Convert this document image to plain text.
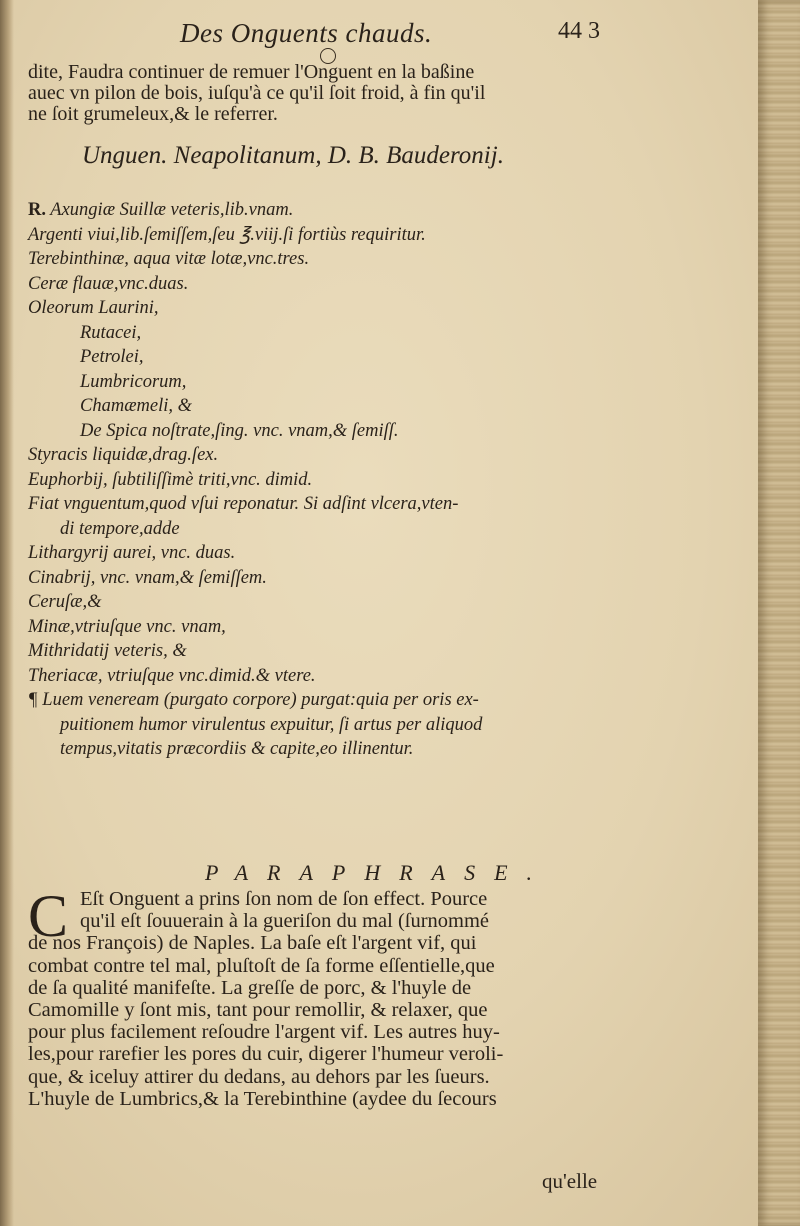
Des Onguents chauds.	44 3
dite, Faudra continuer de remuer l'Onguent en la baßine
auec vn pilon de bois, iuſqu'à ce qu'il ſoit froid, à fin qu'il
ne ſoit grumeleux,& le referrer.
Unguen. Neapolitanum, D. B. Bauderonij.
R. Axungiæ Suillæ veteris,lib.vnam.
Argenti viui,lib.ſemiſſem,ſeu ℥.viij.ſi fortiùs requiritur.
Terebinthinæ, aqua vitæ lotæ,vnc.tres.
Ceræ flauæ,vnc.duas.
Oleorum Laurini,
Rutacei,
Petrolei,
Lumbricorum,
Chamæmeli, &
De Spica noſtrate,ſing. vnc. vnam,& ſemiſſ.
Styracis liquidæ,drag.ſex.
Euphorbij, ſubtiliſſimè triti,vnc. dimid.
Fiat vnguentum,quod vſui reponatur. Si adſint vlcera,vten-
di tempore,adde
Lithargyrij aurei, vnc. duas.
Cinabrij, vnc. vnam,& ſemiſſem.
Ceruſæ,&
Minæ,vtriuſque vnc. vnam,
Mithridatij veteris, &
Theriacæ, vtriuſque vnc.dimid.& vtere.
¶ Luem veneream (purgato corpore) purgat:quia per oris ex-
puitionem humor virulentus expuitur, ſi artus per aliquod
tempus,vitatis præcordiis & capite,eo illinentur.
PARAPHRASE.
C Eſt Onguent a prins ſon nom de ſon effect. Pource
qu'il eſt ſouuerain à la gueriſon du mal (ſurnommé
de nos François) de Naples. La baſe eſt l'argent vif, qui
combat contre tel mal, pluſtoſt de ſa forme eſſentielle,que
de ſa qualité manifeſte. La greſſe de porc, & l'huyle de
Camomille y ſont mis, tant pour remollir, & relaxer, que
pour plus facilement reſoudre l'argent vif. Les autres huy-
les,pour rarefier les pores du cuir, digerer l'humeur veroli-
que, & iceluy attirer du dedans, au dehors par les ſueurs.
L'huyle de Lumbrics,& la Terebinthine (aydee du ſecours
qu'elle
